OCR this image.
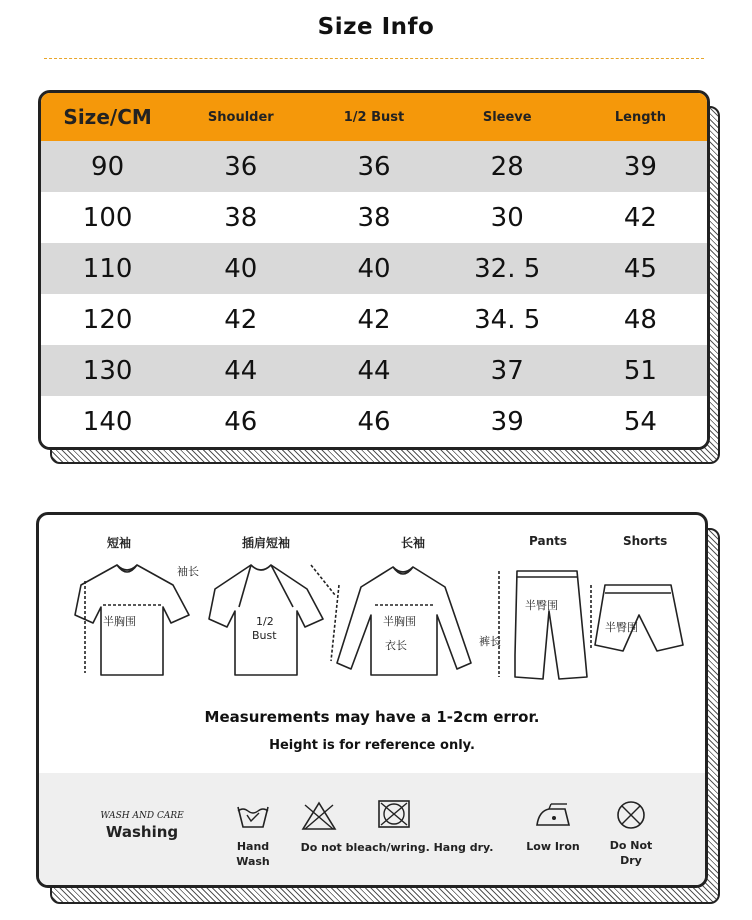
Size Info
Size/CM	Shoulder	1/2 Bust	Sleeve	Length
90	36	36	28	39
100	38	38	30	42
110	40	40	32. 5	45
120	42	42	34. 5	48
130	44	44	37	51
140	46	46	39	54
短袖	插肩短袖	长袖	Pants	Shorts
半胸围
袖长
1/2
Bust
半胸围
衣长
半臀围
裤长
半臀围
Measurements may have a 1-2cm error.
Height is for reference only.
WASH AND CARE
Washing
Hand
Wash
Do not bleach/wring. Hang dry.	Low Iron	Do Not
Dry
